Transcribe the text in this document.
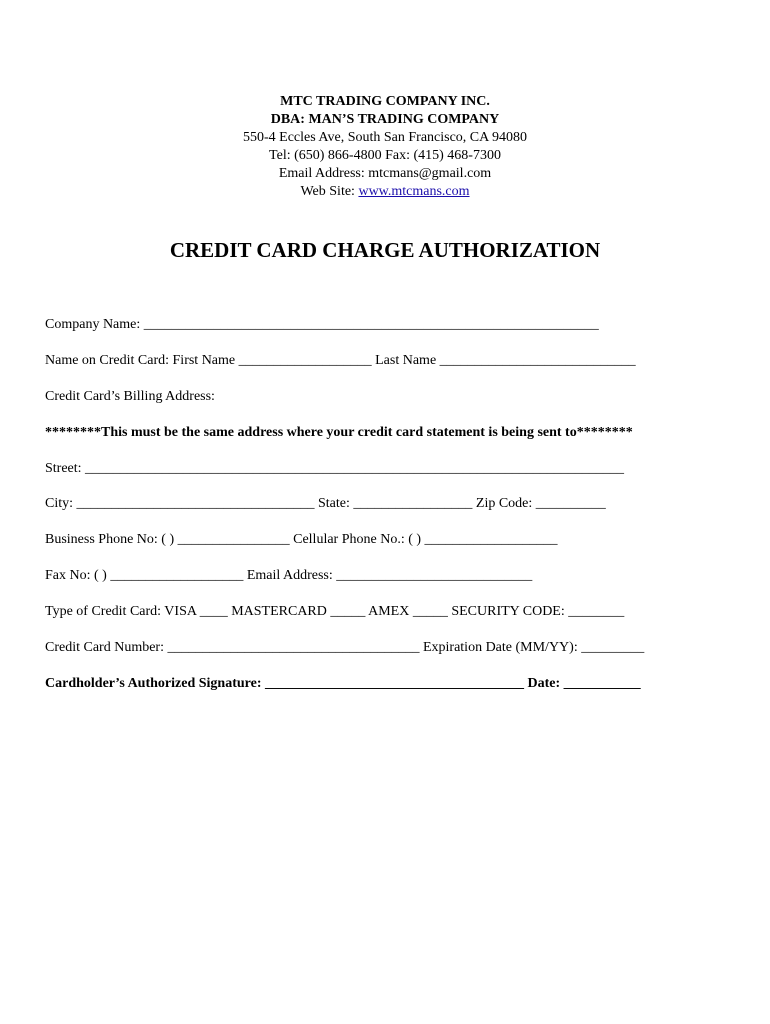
MTC TRADING COMPANY INC.
DBA: MAN’S TRADING COMPANY
550-4 Eccles Ave, South San Francisco, CA 94080
Tel: (650) 866-4800 Fax: (415) 468-7300
Email Address: mtcmans@gmail.com
Web Site: www.mtcmans.com
CREDIT CARD CHARGE AUTHORIZATION
Company Name: _________________________________________________________________
Name on Credit Card: First Name ___________________ Last Name ____________________________
Credit Card’s Billing Address:
********This must be the same address where your credit card statement is being sent to********
Street: _____________________________________________________________________________
City: __________________________________ State: _________________ Zip Code: __________
Business Phone No: ( ) ________________ Cellular Phone No.: ( ) ___________________
Fax No: ( ) ___________________ Email Address: ____________________________
Type of Credit Card: VISA ____ MASTERCARD _____ AMEX _____ SECURITY CODE: ________
Credit Card Number: ____________________________________ Expiration Date (MM/YY): _________
Cardholder’s Authorized Signature: _____________________________________ Date: ___________
